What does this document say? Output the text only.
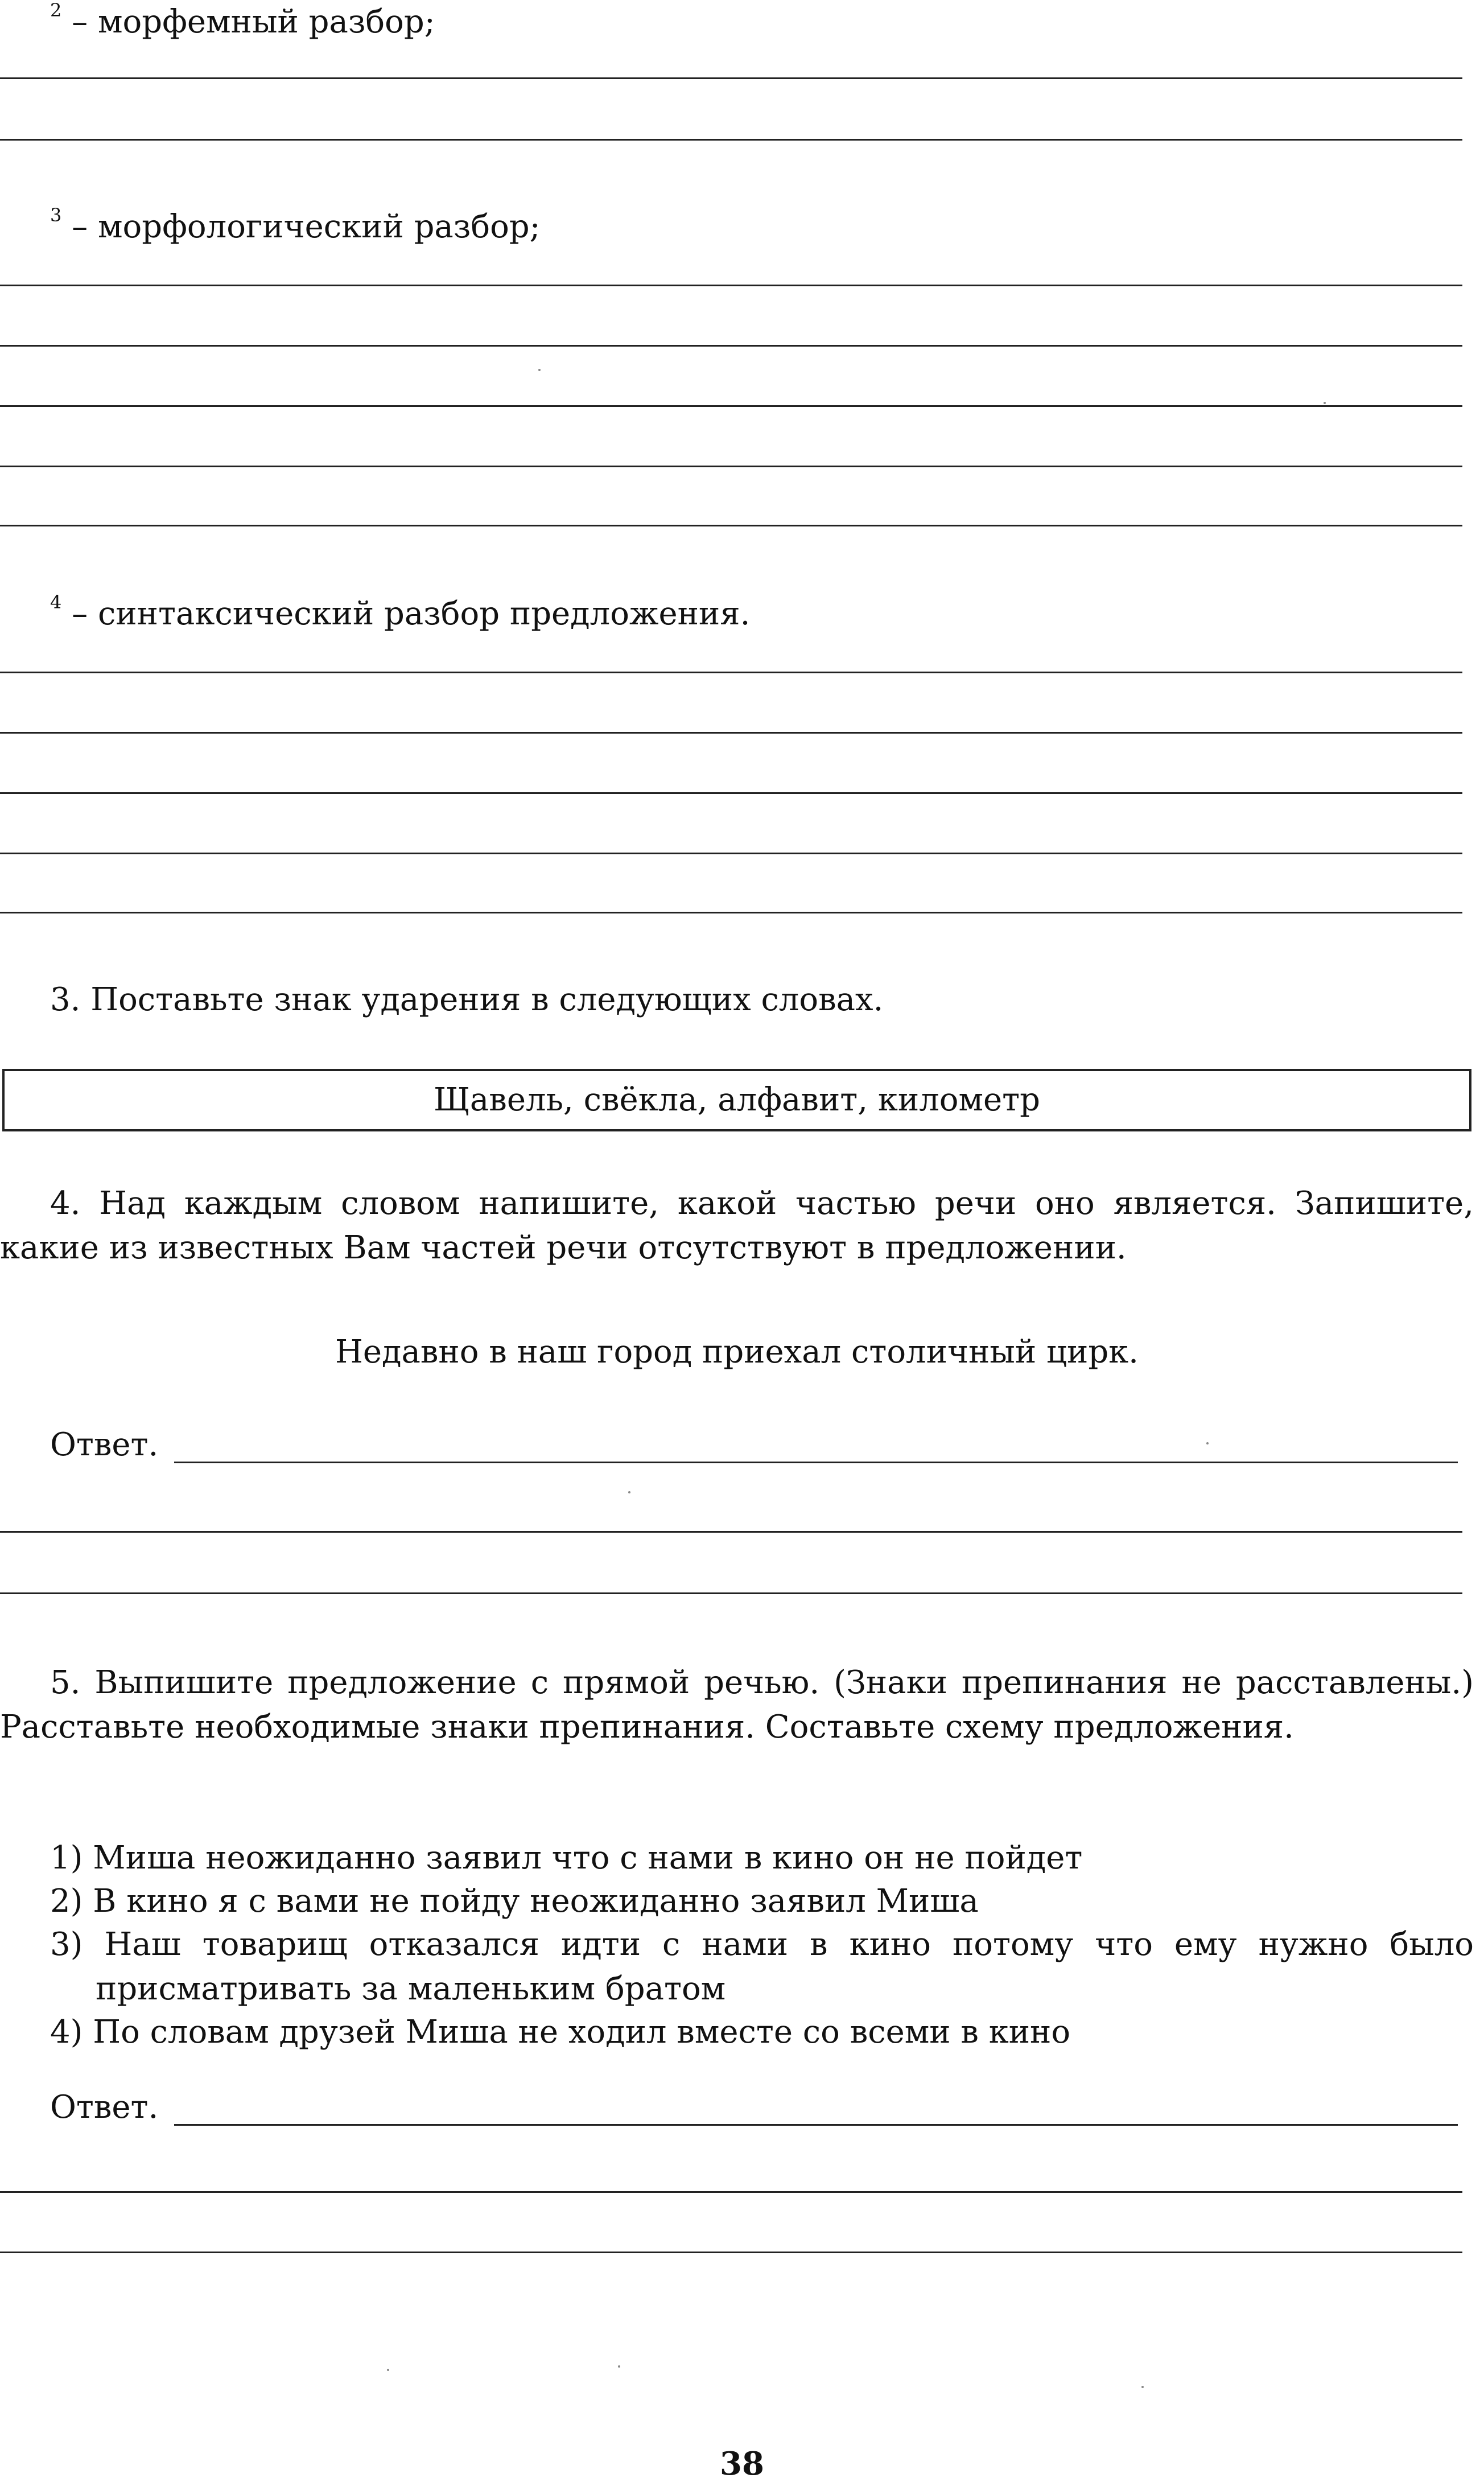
$^2$ – морфемный разбор;
$^3$ – морфологический разбор;
$^4$ – синтаксический разбор предложения.
3. Поставьте знак ударения в следующих словах.
Щавель, свёкла, алфавит, километр
4. Над каждым словом напишите, какой частью речи оно является. Запишите, какие из известных Вам частей речи отсутствуют в предложении.
Недавно в наш город приехал столичный цирк.
Ответ.
5. Выпишите предложение с прямой речью. (Знаки препинания не расставлены.) Расставьте необходимые знаки препинания. Составьте схему предложения.
1) Миша неожиданно заявил что с нами в кино он не пойдет
2) В кино я с вами не пойду неожиданно заявил Миша
3) Наш товарищ отказался идти с нами в кино потому что ему нужно было присматривать за маленьким братом
4) По словам друзей Миша не ходил вместе со всеми в кино
Ответ.
38
